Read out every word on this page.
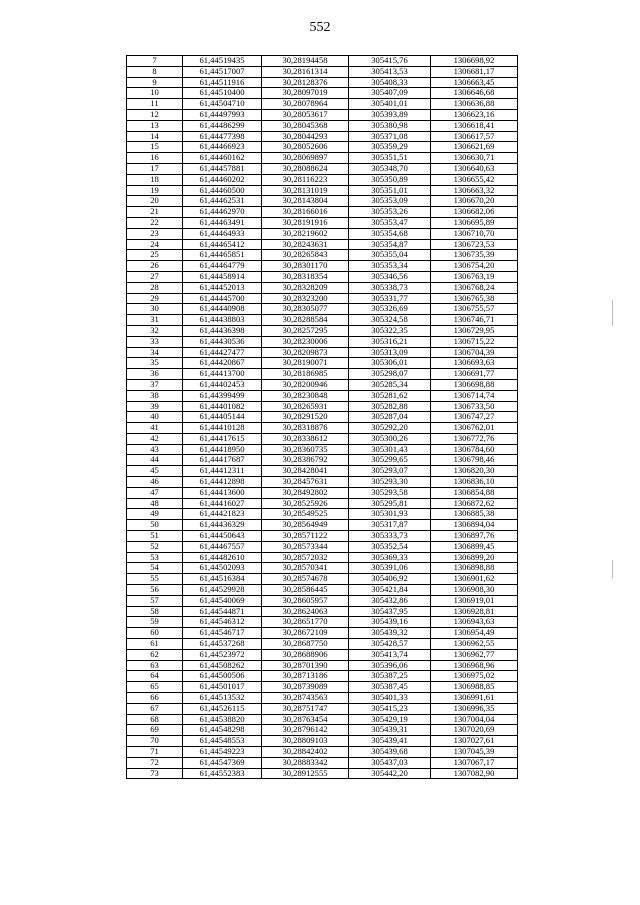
552
7	61,44519435	30,28194458	305415,76	1306698,92
8	61,44517007	30,28161314	305413,53	1306681,17
9	61,44511916	30,28128376	305408,33	1306663,45
10	61,44510400	30,28097019	305407,09	1306646,68
11	61,44504710	30,28078964	305401,01	1306636,88
12	61,44497993	30,28053617	305393,89	1306623,16
13	61,44486299	30,28045368	305380,98	1306618,41
14	61,44477398	30,28044293	305371,08	1306617,57
15	61,44466923	30,28052606	305359,29	1306621,69
16	61,44460162	30,28069897	305351,51	1306630,71
17	61,44457881	30,28088624	305348,70	1306640,63
18	61,44460202	30,28116223	305350,89	1306655,42
19	61,44460500	30,28131019	305351,01	1306663,32
20	61,44462531	30,28143804	305353,09	1306670,20
21	61,44462970	30,28166016	305353,26	1306682,06
22	61,44463491	30,28191916	305353,47	1306695,89
23	61,44464933	30,28219602	305354,68	1306710,70
24	61,44465412	30,28243631	305354,87	1306723,53
25	61,44465851	30,28265843	305355,04	1306735,39
26	61,44464779	30,28301170	305353,34	1306754,20
27	61,44458914	30,28318354	305346,56	1306763,19
28	61,44452013	30,28328209	305338,73	1306768,24
29	61,44445700	30,28323200	305331,77	1306765,38
30	61,44440908	30,28305077	305326,69	1306755,57
31	61,44438803	30,28288584	305324,58	1306746,71
32	61,44436398	30,28257295	305322,35	1306729,95
33	61,44430536	30,28230006	305316,21	1306715,22
34	61,44427477	30,28209873	305313,09	1306704,39
35	61,44420867	30,28190071	305306,01	1306693,63
36	61,44413700	30,28186985	305298,07	1306691,77
37	61,44402453	30,28200946	305285,34	1306698,88
38	61,44399499	30,28230848	305281,62	1306714,74
39	61,44401082	30,28265931	305282,88	1306733,50
40	61,44405144	30,28291520	305287,04	1306747,27
41	61,44410128	30,28318876	305292,20	1306762,01
42	61,44417615	30,28338612	305300,26	1306772,76
43	61,44418950	30,28360735	305301,43	1306784,60
44	61,44417687	30,28386792	305299,65	1306798,46
45	61,44412311	30,28428041	305293,07	1306820,30
46	61,44412898	30,28457631	305293,30	1306836,10
47	61,44413600	30,28492802	305293,58	1306854,88
48	61,44416027	30,28525926	305295,81	1306872,62
49	61,44421823	30,28549525	305301,93	1306885,38
50	61,44436329	30,28564949	305317,87	1306894,04
51	61,44450643	30,28571122	305333,73	1306897,76
52	61,44467557	30,28573344	305352,54	1306899,45
53	61,44482610	30,28572032	305369,33	1306899,20
54	61,44502093	30,28570341	305391,06	1306898,88
55	61,44516384	30,28574678	305406,92	1306901,62
56	61,44529928	30,28586445	305421,84	1306908,30
57	61,44540069	30,28605957	305432,86	1306919,01
58	61,44544871	30,28624063	305437,95	1306928,81
59	61,44546312	30,28651770	305439,16	1306943,63
60	61,44546717	30,28672109	305439,32	1306954,49
61	61,44537268	30,28687750	305428,57	1306962,55
62	61,44523972	30,28688906	305413,74	1306962,77
63	61,44508262	30,28701390	305396,06	1306968,96
64	61,44500506	30,28713186	305387,25	1306975,02
65	61,44501017	30,28739089	305387,45	1306988,85
66	61,44513532	30,28743563	305401,33	1306991,61
67	61,44526115	30,28751747	305415,23	1306996,35
68	61,44538820	30,28763454	305429,19	1307004,04
69	61,44548298	30,28796142	305439,31	1307020,69
70	61,44548553	30,28809103	305439,41	1307027,61
71	61,44549223	30,28842402	305439,68	1307045,39
72	61,44547369	30,28883342	305437,03	1307067,17
73	61,44552383	30,28912555	305442,20	1307082,90
